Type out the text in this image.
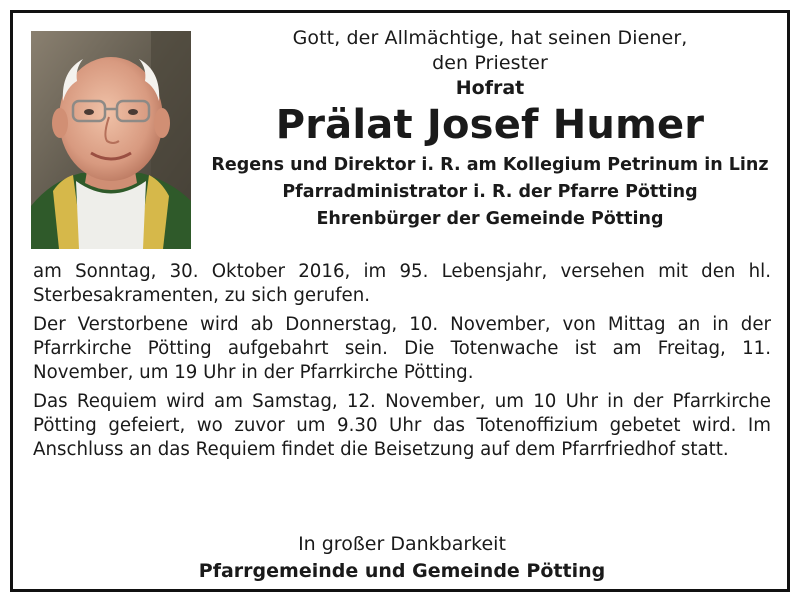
Gott, der Allmächtige, hat seinen Diener,
den Priester
Hofrat
Prälat Josef Humer
Regens und Direktor i. R. am Kollegium Petrinum in Linz
Pfarradministrator i. R. der Pfarre Pötting
Ehrenbürger der Gemeinde Pötting

am Sonntag, 30. Oktober 2016, im 95. Lebensjahr, versehen mit den hl. Sterbesakramenten, zu sich gerufen.

Der Verstorbene wird ab Donnerstag, 10. November, von Mittag an in der Pfarrkirche Pötting aufgebahrt sein. Die Totenwache ist am Freitag, 11. November, um 19 Uhr in der Pfarrkirche Pötting.

Das Requiem wird am Samstag, 12. November, um 10 Uhr in der Pfarrkirche Pötting gefeiert, wo zuvor um 9.30 Uhr das Totenoffizium gebetet wird. Im Anschluss an das Requiem findet die Beisetzung auf dem Pfarrfriedhof statt.

In großer Dankbarkeit
Pfarrgemeinde und Gemeinde Pötting
